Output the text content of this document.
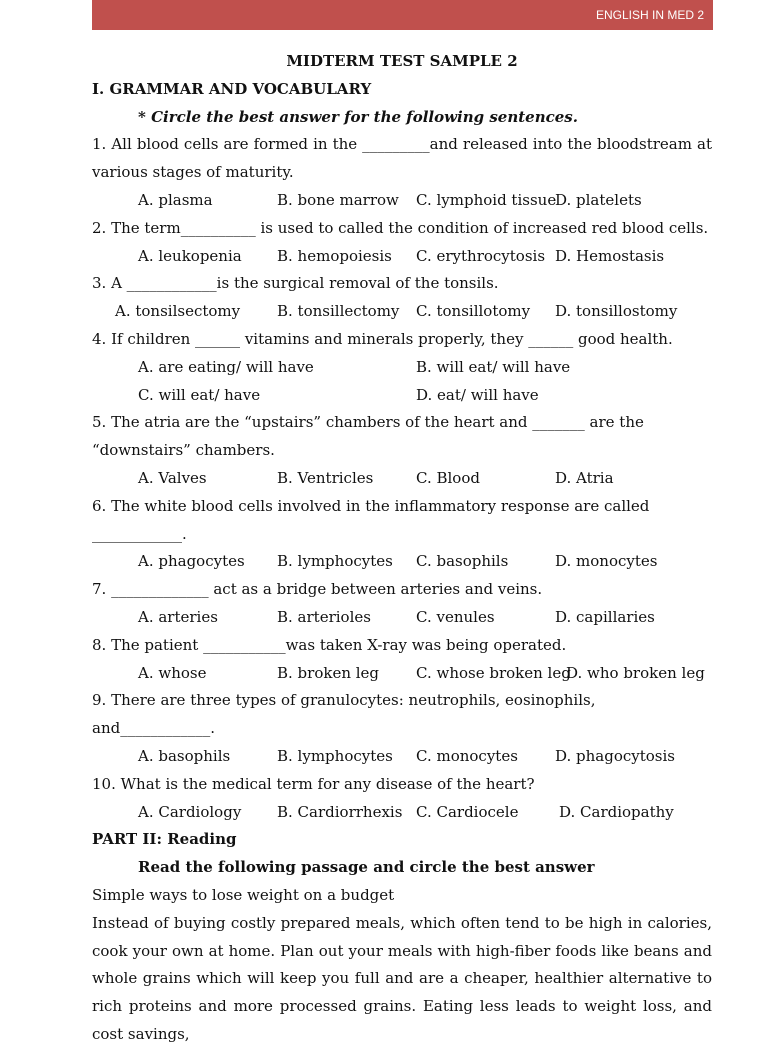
ENGLISH IN MED 2

MIDTERM TEST SAMPLE 2

I. GRAMMAR AND VOCABULARY

* Circle the best answer for the following sentences.

1. All blood cells are formed in the _________and released into the bloodstream at various stages of maturity.

A. plasma	B. bone marrow C. lymphoid tissue
D. platelets

2. The term__________ is used to called the condition of increased red blood cells.

A. leukopenia B. hemopoiesis C. erythrocytosis D. Hemostasis

3. A ____________is the surgical removal of the tonsils.

A. tonsilsectomy B. tonsillectomy C. tonsillotomy D. tonsillostomy

4. If children ______ vitamins and minerals properly, they ______ good health.

A. are eating/ will have	B. will eat/ will have
C. will eat/ have	D. eat/ will have

5. The atria are the “upstairs” chambers of the heart and _______ are the “downstairs” chambers.

A. Valves	B. Ventricles	C. Blood	D. Atria

6. The white blood cells involved in the inflammatory response are called ____________.

A. phagocytes B. lymphocytes C. basophils	D. monocytes

7. _____________ act as a bridge between arteries and veins.

A. arteries	B. arterioles	C. venules	D. capillaries

8. The patient ___________was taken X-ray was being operated.

A. whose	B. broken leg C. whose broken leg
D. who broken leg

9. There are three types of granulocytes: neutrophils, eosinophils, and____________.

A. basophils	B. lymphocytes C. monocytes D. phagocytosis

10. What is the medical term for any disease of the heart?

A. Cardiology B. Cardiorrhexis C. Cardiocele	D. Cardiopathy

PART II: Reading

Read the following passage and circle the best answer

Simple ways to lose weight on a budget

Instead of buying costly prepared meals, which often tend to be high in calories, cook your own at home. Plan out your meals with high-fiber foods like beans and whole grains which will keep you full and are a cheaper, healthier alternative to rich proteins and more processed grains. Eating less leads to weight loss, and cost savings,
